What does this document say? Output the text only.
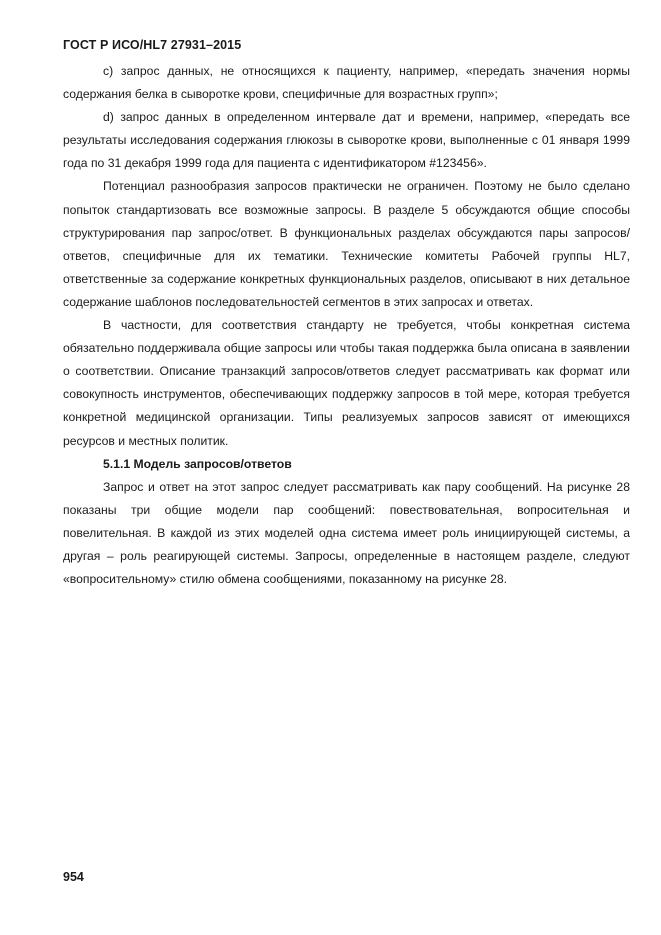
ГОСТ Р ИСО/HL7 27931–2015

c) запрос данных, не относящихся к пациенту, например, «передать значения нормы содержания белка в сыворотке крови, специфичные для возрастных групп»;

d) запрос данных в определенном интервале дат и времени, например, «передать все результаты исследования содержания глюкозы в сыворотке крови, выполненные с 01 января 1999 года по 31 декабря 1999 года для пациента с идентификатором #123456».

Потенциал разнообразия запросов практически не ограничен. Поэтому не было сделано попыток стандартизовать все возможные запросы. В разделе 5 обсуждаются общие способы структурирования пар запрос/ответ. В функциональных разделах обсуждаются пары запросов/ответов, специфичные для их тематики. Технические комитеты Рабочей группы HL7, ответственные за содержание конкретных функциональных разделов, описывают в них детальное содержание шаблонов последовательностей сегментов в этих запросах и ответах.

В частности, для соответствия стандарту не требуется, чтобы конкретная система обязательно поддерживала общие запросы или чтобы такая поддержка была описана в заявлении о соответствии. Описание транзакций запросов/ответов следует рассматривать как формат или совокупность инструментов, обеспечивающих поддержку запросов в той мере, которая требуется конкретной медицинской организации. Типы реализуемых запросов зависят от имеющихся ресурсов и местных политик.

5.1.1 Модель запросов/ответов

Запрос и ответ на этот запрос следует рассматривать как пару сообщений. На рисунке 28 показаны три общие модели пар сообщений: повествовательная, вопросительная и повелительная. В каждой из этих моделей одна система имеет роль инициирующей системы, а другая – роль реагирующей системы. Запросы, определенные в настоящем разделе, следуют «вопросительному» стилю обмена сообщениями, показанному на рисунке 28.

954
